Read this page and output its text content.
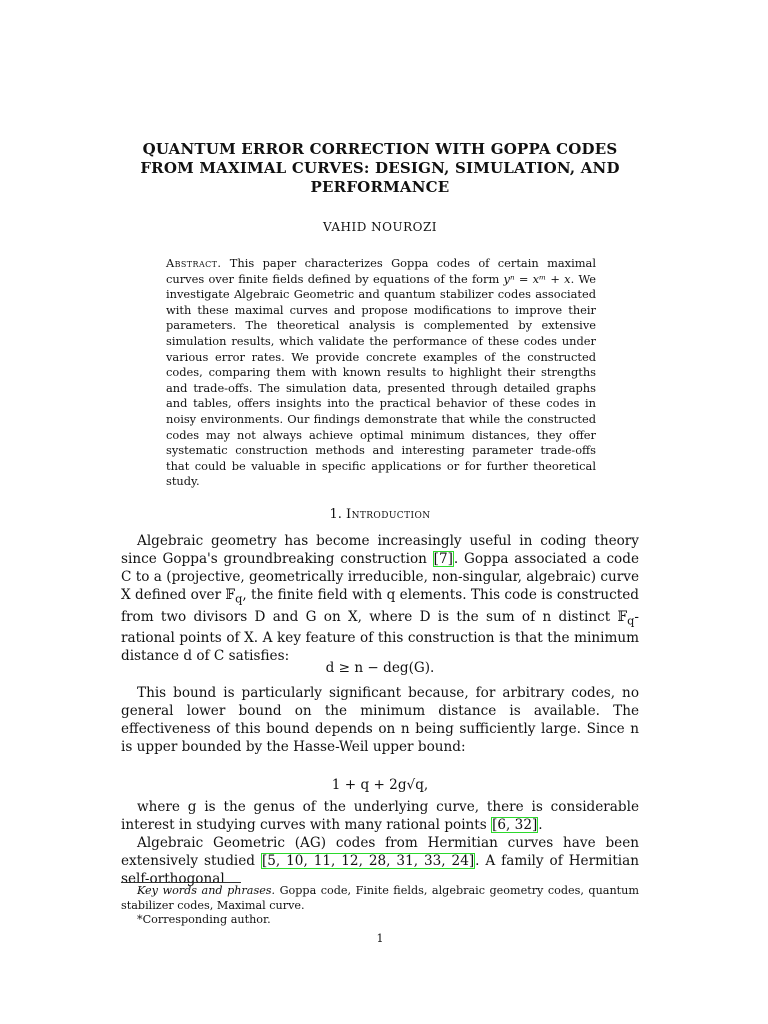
QUANTUM ERROR CORRECTION WITH GOPPA CODES
FROM MAXIMAL CURVES: DESIGN, SIMULATION, AND
PERFORMANCE
VAHID NOUROZI
Abstract. This paper characterizes Goppa codes of certain maximal curves over finite fields defined by equations of the form yⁿ = xᵐ + x. We investigate Algebraic Geometric and quantum stabilizer codes associated with these maximal curves and propose modifications to improve their parameters. The theoretical analysis is complemented by extensive simulation results, which validate the performance of these codes under various error rates. We provide concrete examples of the constructed codes, comparing them with known results to highlight their strengths and trade-offs. The simulation data, presented through detailed graphs and tables, offers insights into the practical behavior of these codes in noisy environments. Our findings demonstrate that while the constructed codes may not always achieve optimal minimum distances, they offer systematic construction methods and interesting parameter trade-offs that could be valuable in specific applications or for further theoretical study.
1. Introduction

Algebraic geometry has become increasingly useful in coding theory since Goppa's groundbreaking construction [7]. Goppa associated a code C to a (projective, geometrically irreducible, non-singular, algebraic) curve X defined over 𝔽$_q$, the finite field with q elements. This code is constructed from two divisors D and G on X, where D is the sum of n distinct 𝔽$_q$-rational points of X. A key feature of this construction is that the minimum distance d of C satisfies:

d ≥ n − deg(G).

This bound is particularly significant because, for arbitrary codes, no general lower bound on the minimum distance is available. The effectiveness of this bound depends on n being sufficiently large. Since n is upper bounded by the Hasse-Weil upper bound:

1 + q + 2g√q,

where g is the genus of the underlying curve, there is considerable interest in studying curves with many rational points [6, 32].

Algebraic Geometric (AG) codes from Hermitian curves have been extensively studied [5, 10, 11, 12, 28, 31, 33, 24]. A family of Hermitian self-orthogonal

Key words and phrases. Goppa code, Finite fields, algebraic geometry codes, quantum stabilizer codes, Maximal curve.

*Corresponding author.

1
